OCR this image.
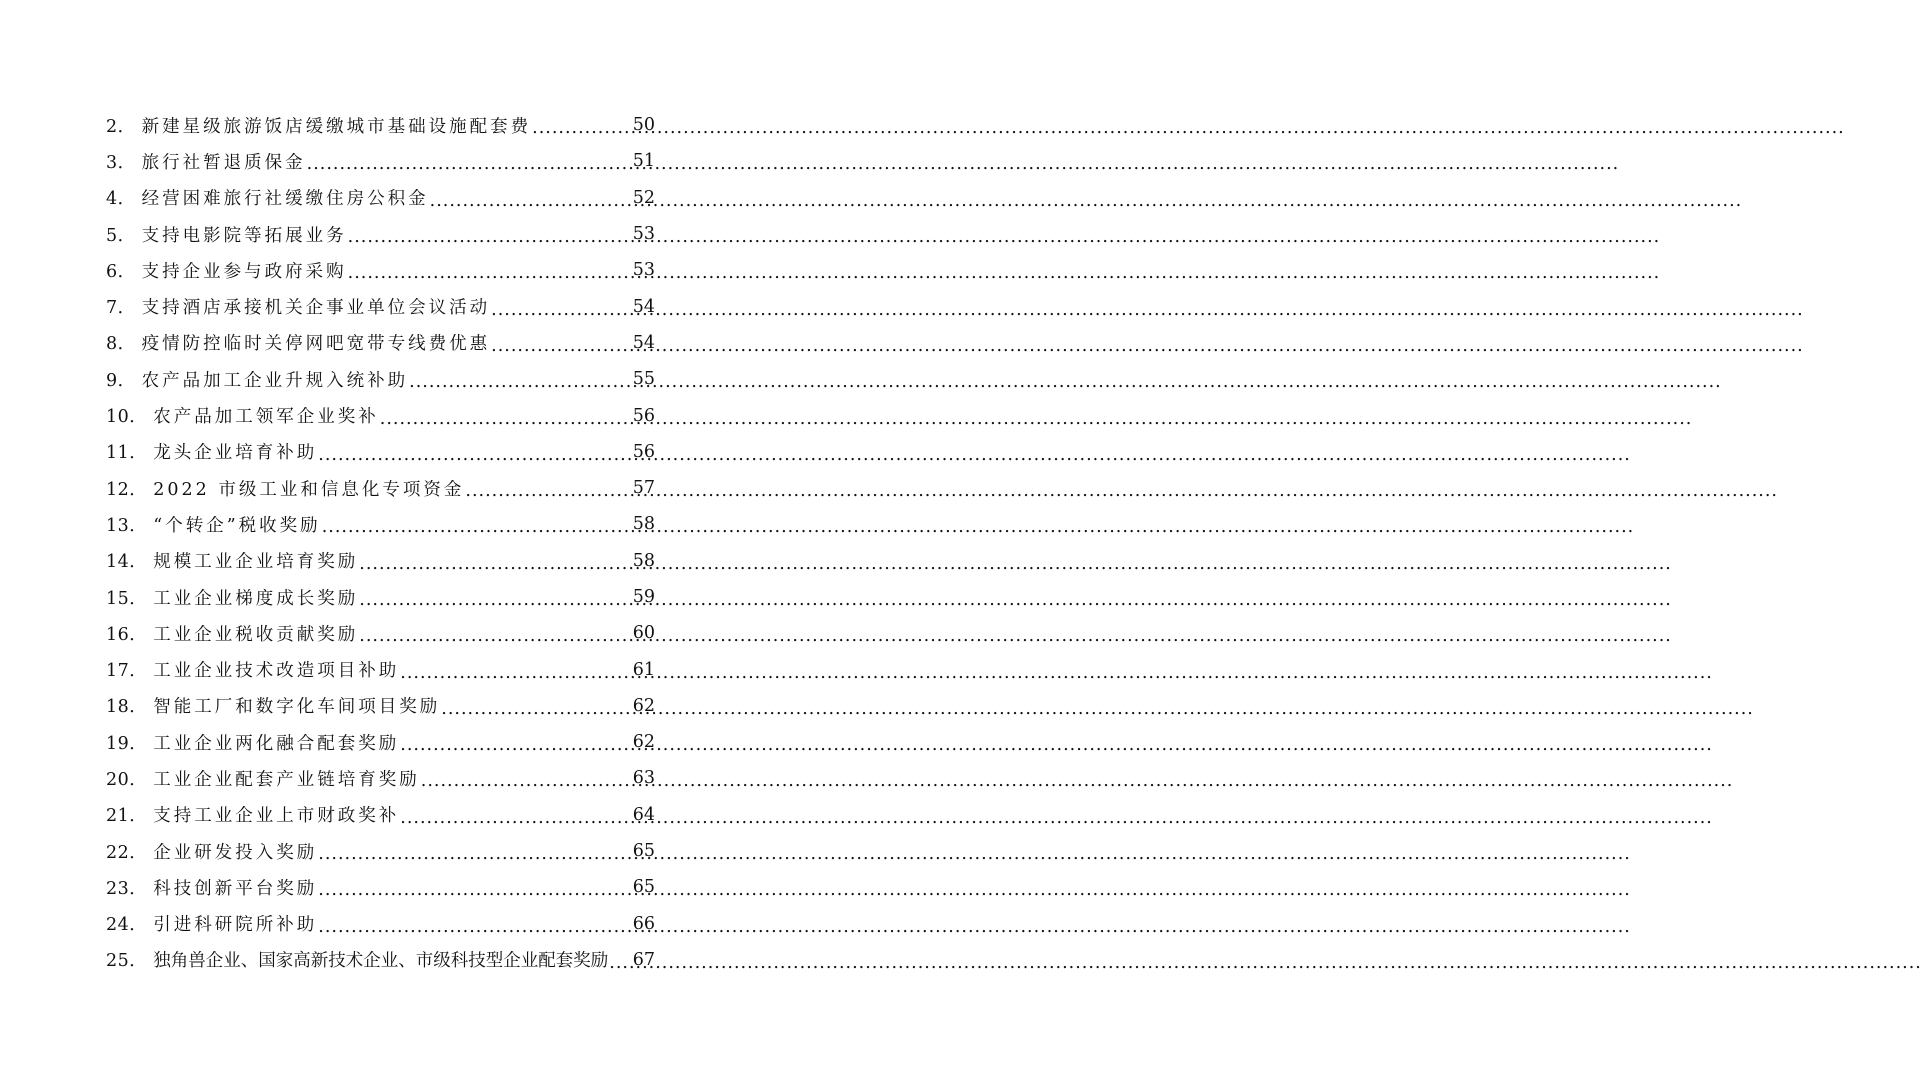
2． 新建星级旅游饭店缓缴城市基础设施配套费 .....	50
3． 旅行社暂退质保金 .....	51
4． 经营困难旅行社缓缴住房公积金 .....	52
5． 支持电影院等拓展业务 .....	53
6． 支持企业参与政府采购 .....	53
7． 支持酒店承接机关企事业单位会议活动 .....	54
8． 疫情防控临时关停网吧宽带专线费优惠 .....	54
9． 农产品加工企业升规入统补助 .....	55
10． 农产品加工领军企业奖补 .....	56
11． 龙头企业培育补助 .....	56
12． 2022 市级工业和信息化专项资金 .....	57
13． “个转企”税收奖励 .....	58
14． 规模工业企业培育奖励 .....	58
15． 工业企业梯度成长奖励 .....	59
16． 工业企业税收贡献奖励 .....	60
17． 工业企业技术改造项目补助 .....	61
18． 智能工厂和数字化车间项目奖励 .....	62
19． 工业企业两化融合配套奖励 .....	62
20． 工业企业配套产业链培育奖励 .....	63
21． 支持工业企业上市财政奖补 .....	64
22． 企业研发投入奖励 .....	65
23． 科技创新平台奖励 .....	65
24． 引进科研院所补助 .....	66
25． 独角兽企业、国家高新技术企业、市级科技型企业配套奖励 ..... 67
